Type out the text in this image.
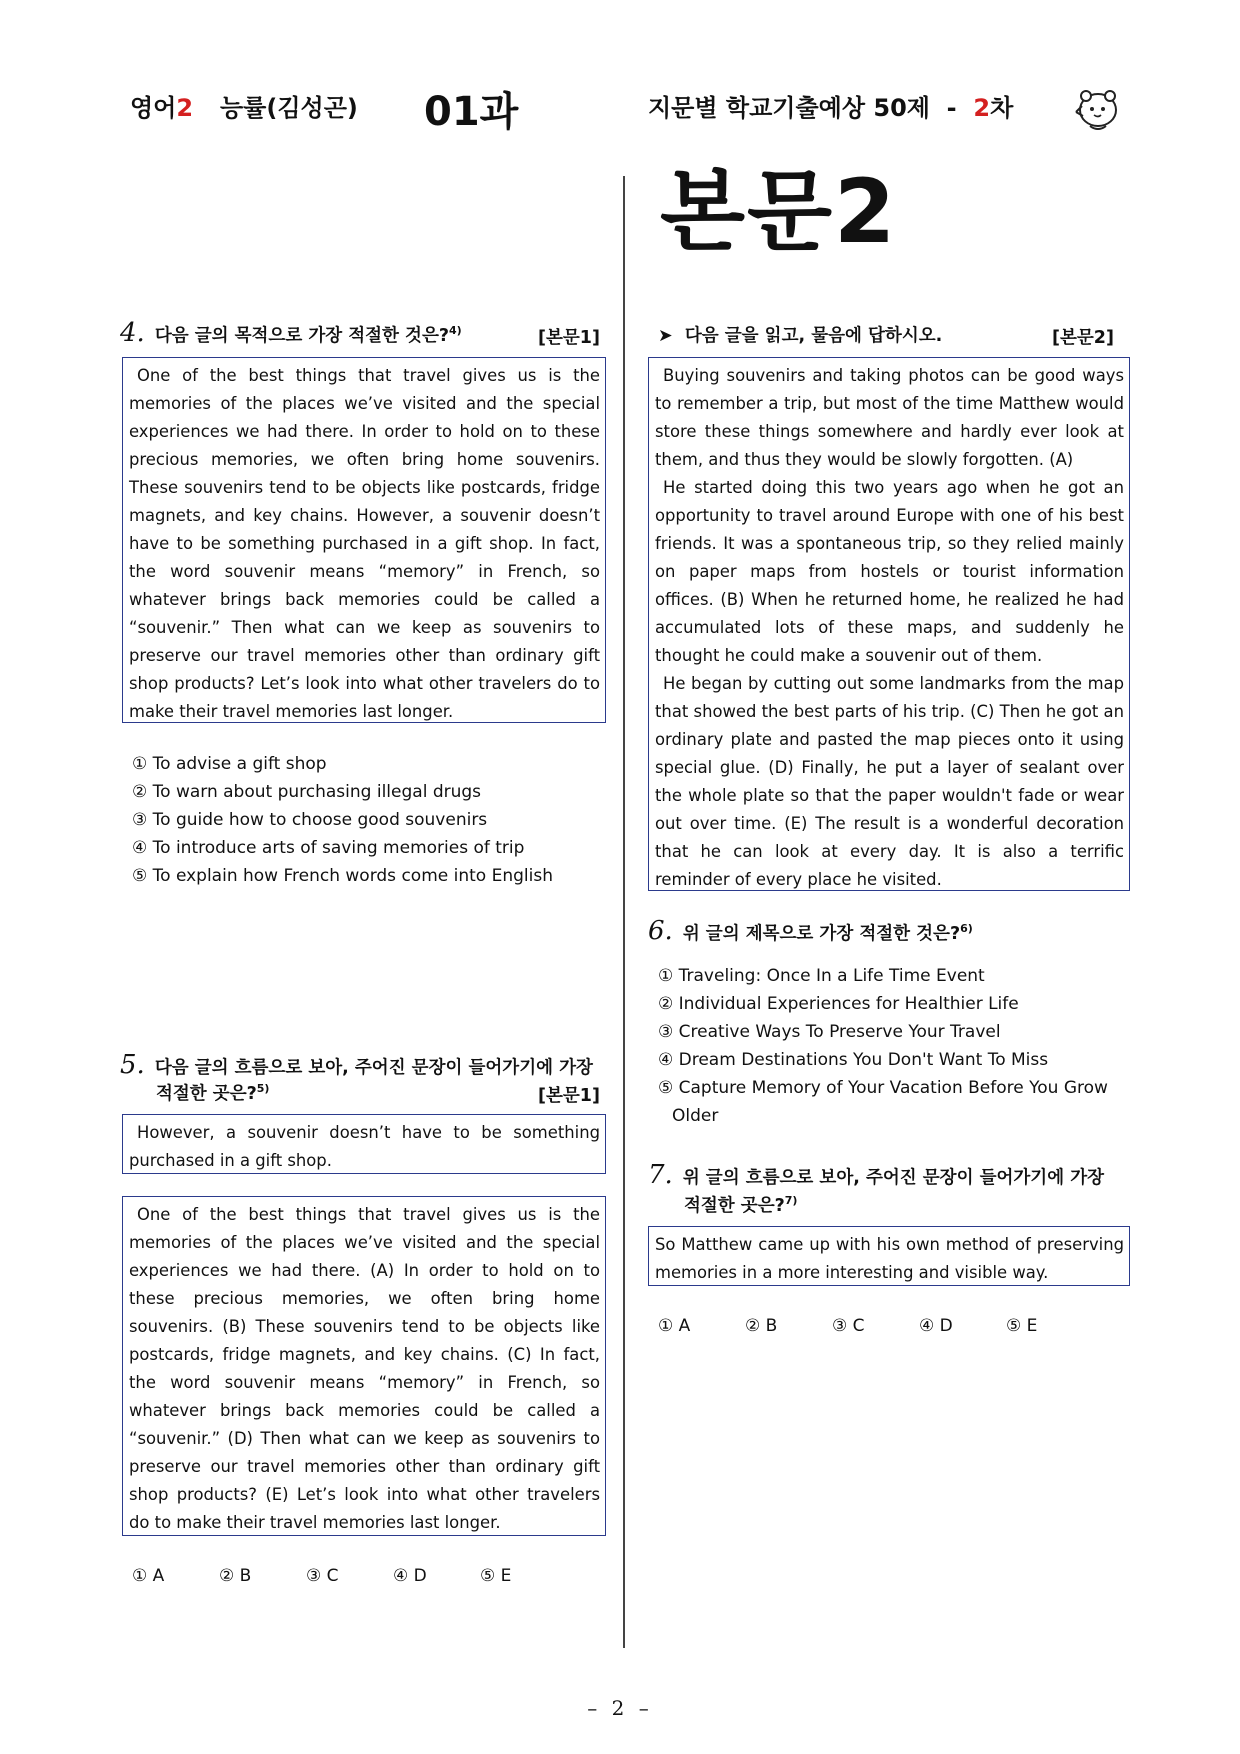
영어2 능률(김성곤) 01과	지문별 학교기출예상 50제 - 2차
본문2
4. 다음 글의 목적으로 가장 적절한 것은?$^{4)}$	[본문1]
One of the best things that travel gives us is the memories of the places we’ve visited and the special experiences we had there. In order to hold on to these precious memories, we often bring home souvenirs. These souvenirs tend to be objects like postcards, fridge magnets, and key chains. However, a souvenir doesn’t have to be something purchased in a gift shop. In fact, the word souvenir means “memory” in French, so whatever brings back memories could be called a “souvenir.” Then what can we keep as souvenirs to preserve our travel memories other than ordinary gift shop products? Let’s look into what other travelers do to make their travel memories last longer.
① To advise a gift shop
② To warn about purchasing illegal drugs
③ To guide how to choose good souvenirs
④ To introduce arts of saving memories of trip
⑤ To explain how French words come into English
5. 다음 글의 흐름으로 보아, 주어진 문장이 들어가기에 가장
적절한 곳은?$^{5)}$	[본문1]
However, a souvenir doesn’t have to be something purchased in a gift shop.
One of the best things that travel gives us is the memories of the places we’ve visited and the special experiences we had there. (A) In order to hold on to these precious memories, we often bring home souvenirs. (B) These souvenirs tend to be objects like postcards, fridge magnets, and key chains. (C) In fact, the word souvenir means “memory” in French, so whatever brings back memories could be called a “souvenir.” (D) Then what can we keep as souvenirs to preserve our travel memories other than ordinary gift shop products? (E) Let’s look into what other travelers do to make their travel memories last longer.
① A	② B	③ C	④ D	⑤ E
➤ 다음 글을 읽고, 물음에 답하시오.	[본문2]
Buying souvenirs and taking photos can be good ways to remember a trip, but most of the time Matthew would store these things somewhere and hardly ever look at them, and thus they would be slowly forgotten. (A)
He started doing this two years ago when he got an opportunity to travel around Europe with one of his best friends. It was a spontaneous trip, so they relied mainly on paper maps from hostels or tourist information offices. (B) When he returned home, he realized he had accumulated lots of these maps, and suddenly he thought he could make a souvenir out of them.
He began by cutting out some landmarks from the map that showed the best parts of his trip. (C) Then he got an ordinary plate and pasted the map pieces onto it using special glue. (D) Finally, he put a layer of sealant over the whole plate so that the paper wouldn't fade or wear out over time. (E) The result is a wonderful decoration that he can look at every day. It is also a terrific reminder of every place he visited.
6. 위 글의 제목으로 가장 적절한 것은?$^{6)}$
① Traveling: Once In a Life Time Event
② Individual Experiences for Healthier Life
③ Creative Ways To Preserve Your Travel
④ Dream Destinations You Don't Want To Miss
⑤ Capture Memory of Your Vacation Before You Grow
Older
7. 위 글의 흐름으로 보아, 주어진 문장이 들어가기에 가장
적절한 곳은?$^{7)}$
So Matthew came up with his own method of preserving memories in a more interesting and visible way.
① A	② B	③ C	④ D	⑤ E
– 2 –
